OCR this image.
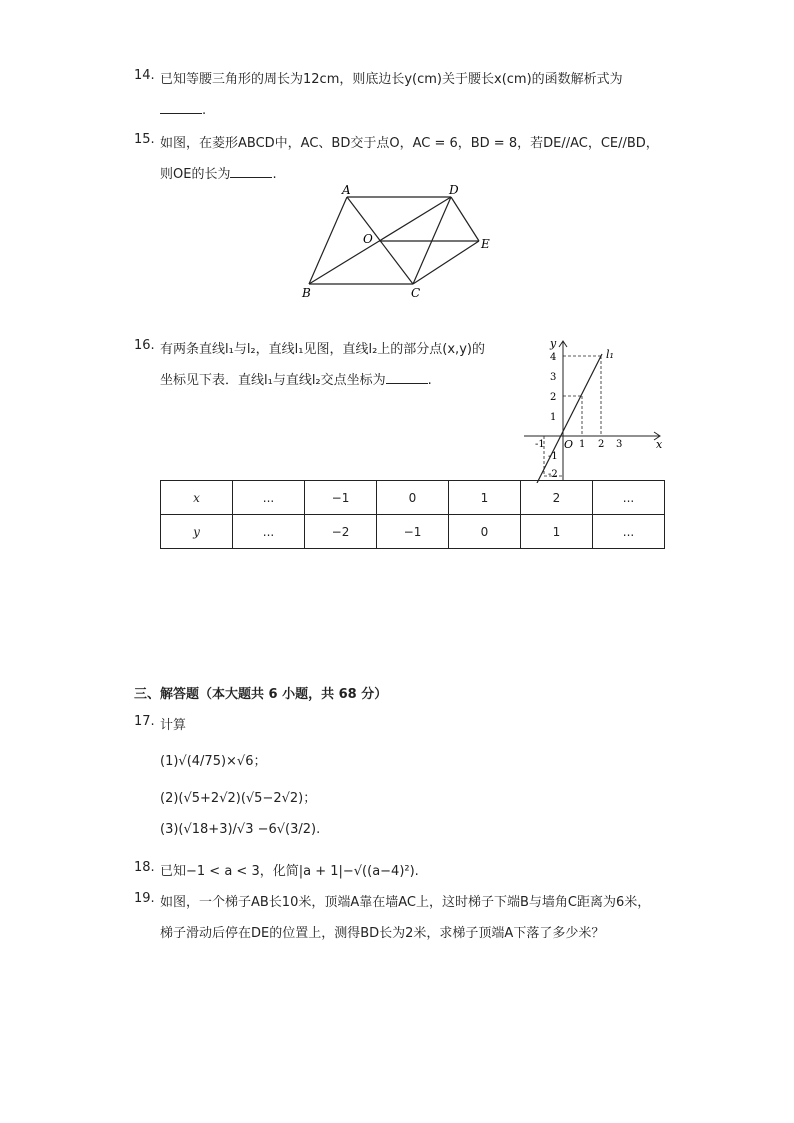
14. 已知等腰三角形的周长为12cm，则底边长y(cm)关于腰长x(cm)的函数解析式为
.
15. 如图，在菱形ABCD中，AC、BD交于点O，AC = 6，BD = 8，若DE//AC，CE//BD，
则OE的长为	.
A	D
B	C
E
O
16. 有两条直线l₁与l₂，直线l₁见图，直线l₂上的部分点(x,y)的
坐标见下表．直线l₁与直线l₂交点坐标为	.
x
y
O
l₁
-1	1 2 3
4
3
2
1
-1
-2
x	...	−1	0	1	2	...
y	...	−2	−1	0	1	...
三、解答题（本大题共 6 小题，共 68 分）
17. 计算
(1)√(4/75)×√6；
(2)(√5+2√2)(√5−2√2)；
(3)(√18+3)/√3 −6√(3/2).
18. 已知−1 < a < 3，化简|a + 1|−√((a−4)²).
19. 如图，一个梯子AB长10米，顶端A靠在墙AC上，这时梯子下端B与墙角C距离为6米，
梯子滑动后停在DE的位置上，测得BD长为2米，求梯子顶端A下落了多少米？
